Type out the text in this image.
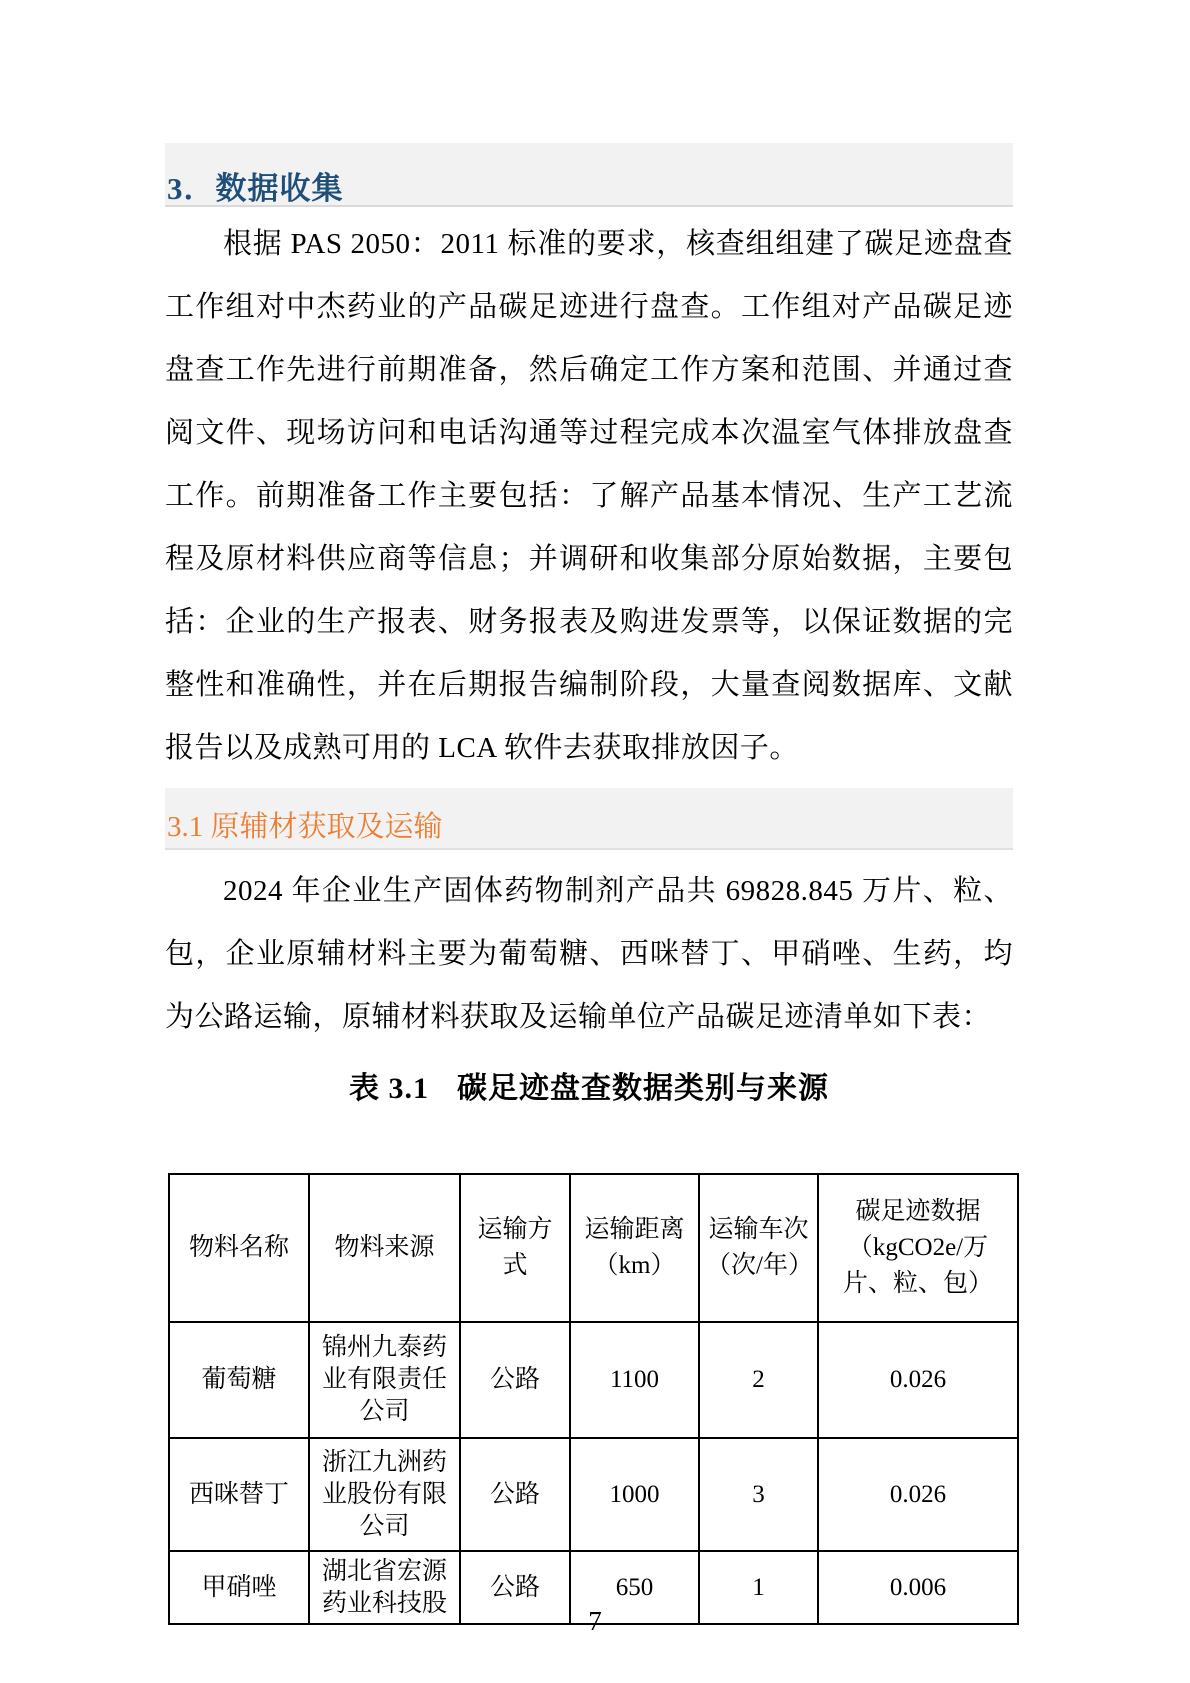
3．数据收集

根据 PAS 2050：2011 标准的要求，核查组组建了碳足迹盘查工作组对中杰药业的产品碳足迹进行盘查。工作组对产品碳足迹盘查工作先进行前期准备，然后确定工作方案和范围、并通过查阅文件、现场访问和电话沟通等过程完成本次温室气体排放盘查工作。前期准备工作主要包括：了解产品基本情况、生产工艺流程及原材料供应商等信息；并调研和收集部分原始数据，主要包括：企业的生产报表、财务报表及购进发票等，以保证数据的完整性和准确性，并在后期报告编制阶段，大量查阅数据库、文献报告以及成熟可用的 LCA 软件去获取排放因子。

3.1 原辅材获取及运输

2024 年企业生产固体药物制剂产品共 69828.845 万片、粒、包，企业原辅材料主要为葡萄糖、西咪替丁、甲硝唑、生药，均为公路运输，原辅材料获取及运输单位产品碳足迹清单如下表：

表 3.1 碳足迹盘查数据类别与来源
物料名称	物料来源	运输方式	运输距离（km）	运输车次（次/年）	碳足迹数据（kgCO2e/万片、粒、包）
葡萄糖	锦州九泰药业有限责任公司	公路	1100	2	0.026
西咪替丁	浙江九洲药业股份有限公司	公路	1000	3	0.026
甲硝唑	湖北省宏源药业科技股	公路	650	1	0.006
7
